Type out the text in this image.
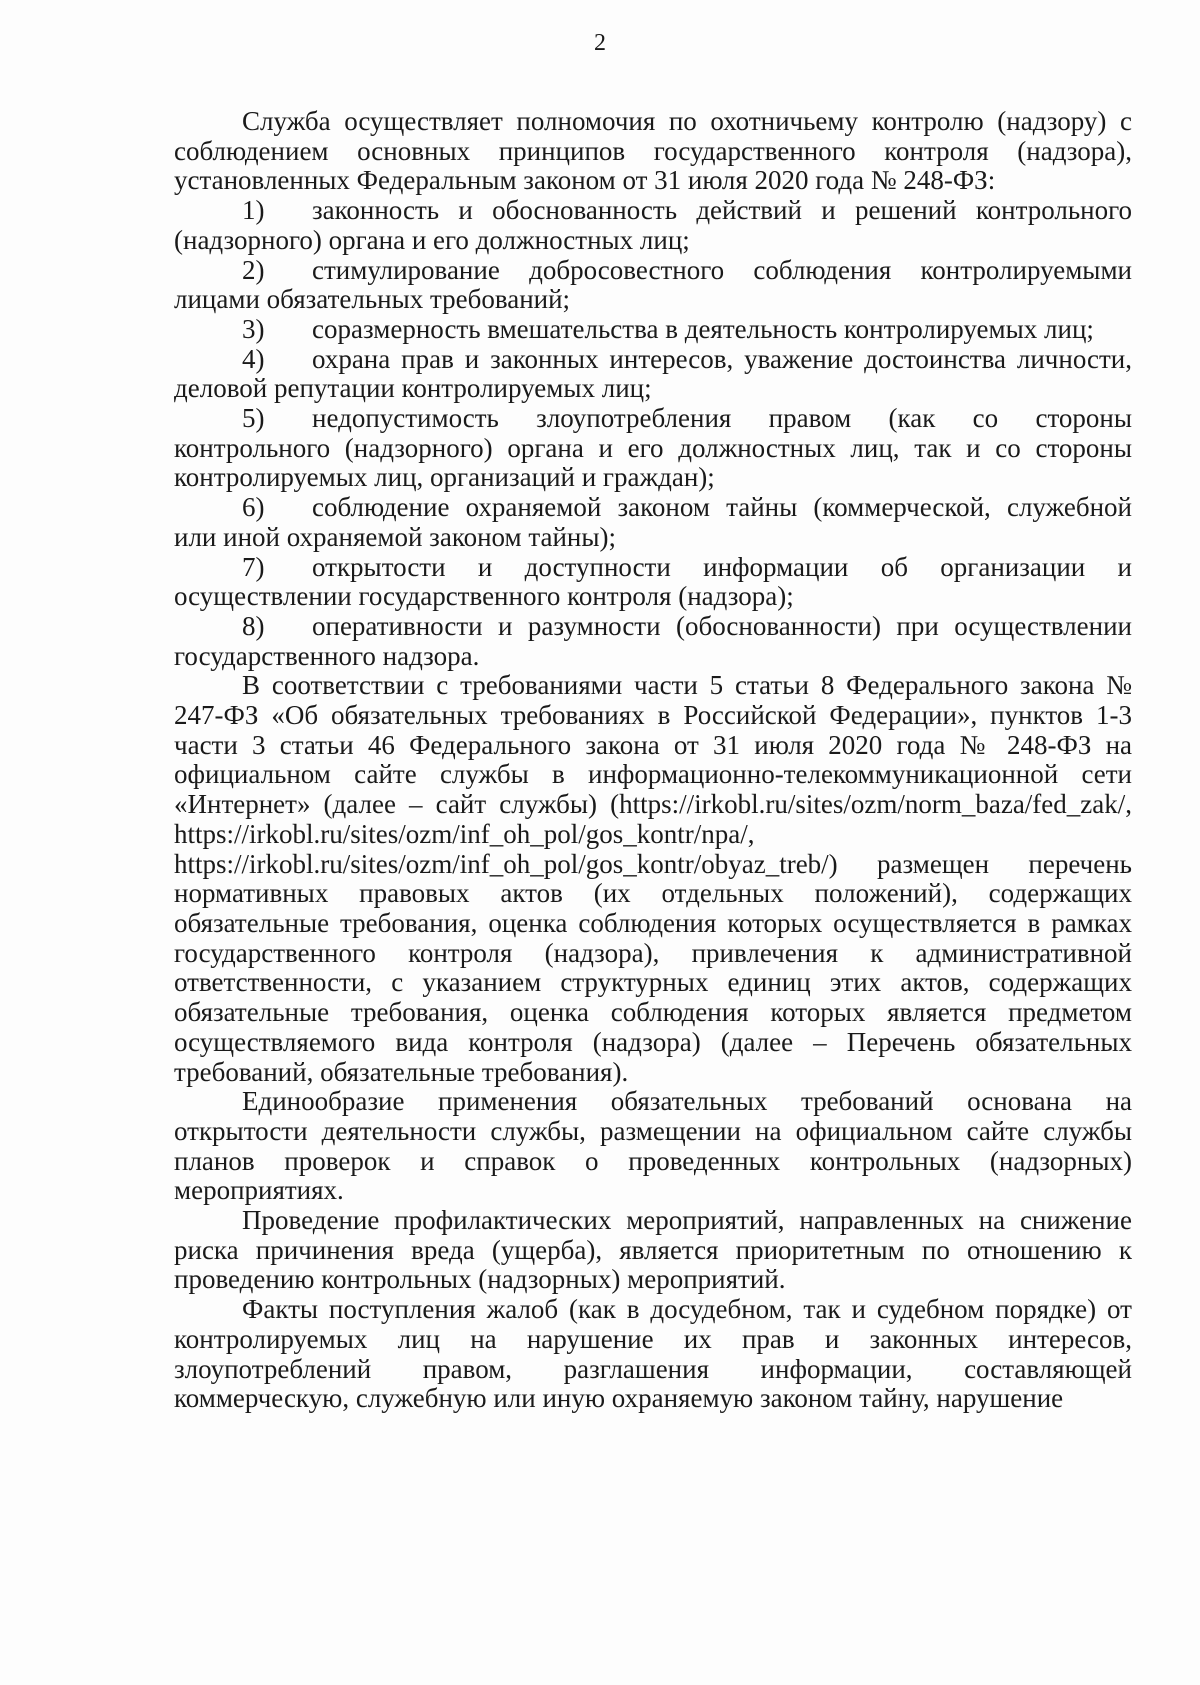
2

Служба осуществляет полномочия по охотничьему контролю (надзору) с соблюдением основных принципов государственного контроля (надзора), установленных Федеральным законом от 31 июля 2020 года № 248-ФЗ:

1) законность и обоснованность действий и решений контрольного (надзорного) органа и его должностных лиц;

2) стимулирование добросовестного соблюдения контролируемыми лицами обязательных требований;

3) соразмерность вмешательства в деятельность контролируемых лиц;

4) охрана прав и законных интересов, уважение достоинства личности, деловой репутации контролируемых лиц;

5) недопустимость злоупотребления правом (как со стороны контрольного (надзорного) органа и его должностных лиц, так и со стороны контролируемых лиц, организаций и граждан);

6) соблюдение охраняемой законом тайны (коммерческой, служебной или иной охраняемой законом тайны);

7) открытости и доступности информации об организации и осуществлении государственного контроля (надзора);

8) оперативности и разумности (обоснованности) при осуществлении государственного надзора.

В соответствии с требованиями части 5 статьи 8 Федерального закона № 247-ФЗ «Об обязательных требованиях в Российской Федерации», пунктов 1-3 части 3 статьи 46 Федерального закона от 31 июля 2020 года № 248-ФЗ на официальном сайте службы в информационно-телекоммуникационной сети «Интернет» (далее – сайт службы) (https://irkobl.ru/sites/ozm/norm_baza/fed_zak/, https://irkobl.ru/sites/ozm/inf_oh_pol/gos_kontr/npa/, https://irkobl.ru/sites/ozm/inf_oh_pol/gos_kontr/obyaz_treb/) размещен перечень нормативных правовых актов (их отдельных положений), содержащих обязательные требования, оценка соблюдения которых осуществляется в рамках государственного контроля (надзора), привлечения к административной ответственности, с указанием структурных единиц этих актов, содержащих обязательные требования, оценка соблюдения которых является предметом осуществляемого вида контроля (надзора) (далее – Перечень обязательных требований, обязательные требования).

Единообразие применения обязательных требований основана на открытости деятельности службы, размещении на официальном сайте службы планов проверок и справок о проведенных контрольных (надзорных) мероприятиях.

Проведение профилактических мероприятий, направленных на снижение риска причинения вреда (ущерба), является приоритетным по отношению к проведению контрольных (надзорных) мероприятий.

Факты поступления жалоб (как в досудебном, так и судебном порядке) от контролируемых лиц на нарушение их прав и законных интересов, злоупотреблений правом, разглашения информации, составляющей коммерческую, служебную или иную охраняемую законом тайну, нарушение
